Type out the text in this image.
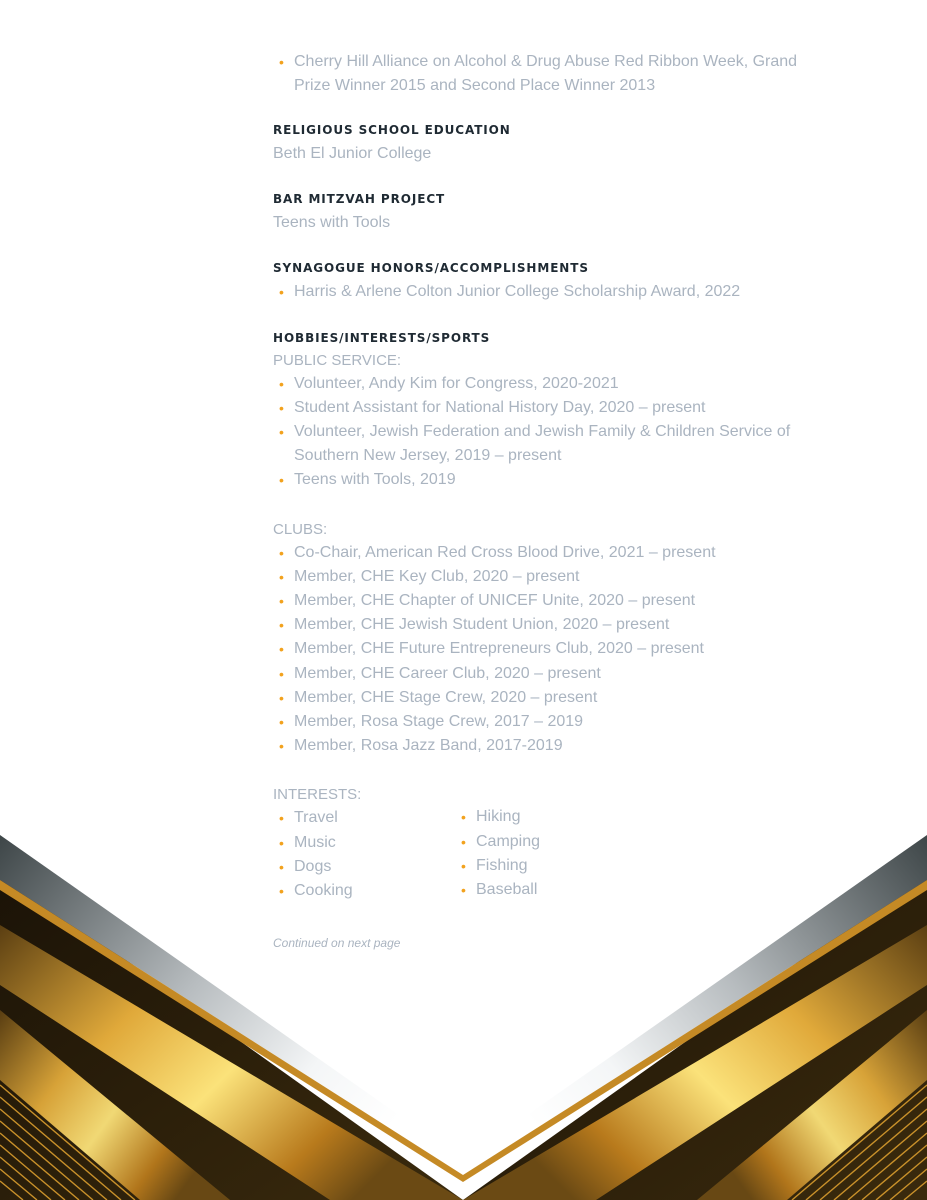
• Cherry Hill Alliance on Alcohol & Drug Abuse Red Ribbon Week, Grand Prize Winner 2015 and Second Place Winner 2013
RELIGIOUS SCHOOL EDUCATION

Beth El Junior College

BAR MITZVAH PROJECT

Teens with Tools

SYNAGOGUE HONORS/ACCOMPLISHMENTS
• Harris & Arlene Colton Junior College Scholarship Award, 2022
HOBBIES/INTERESTS/SPORTS

PUBLIC SERVICE:

• Volunteer, Andy Kim for Congress, 2020-2021
• Student Assistant for National History Day, 2020 – present
• Volunteer, Jewish Federation and Jewish Family & Children Service of Southern New Jersey, 2019 – present
• Teens with Tools, 2019

CLUBS:

• Co-Chair, American Red Cross Blood Drive, 2021 – present
• Member, CHE Key Club, 2020 – present
• Member, CHE Chapter of UNICEF Unite, 2020 – present
• Member, CHE Jewish Student Union, 2020 – present
• Member, CHE Future Entrepreneurs Club, 2020 – present
• Member, CHE Career Club, 2020 – present
• Member, CHE Stage Crew, 2020 – present
• Member, Rosa Stage Crew, 2017 – 2019
• Member, Rosa Jazz Band, 2017-2019

INTERESTS:

• Travel
• Music
• Dogs
• Cooking
• Hiking
• Camping
• Fishing
• Baseball

Continued on next page
